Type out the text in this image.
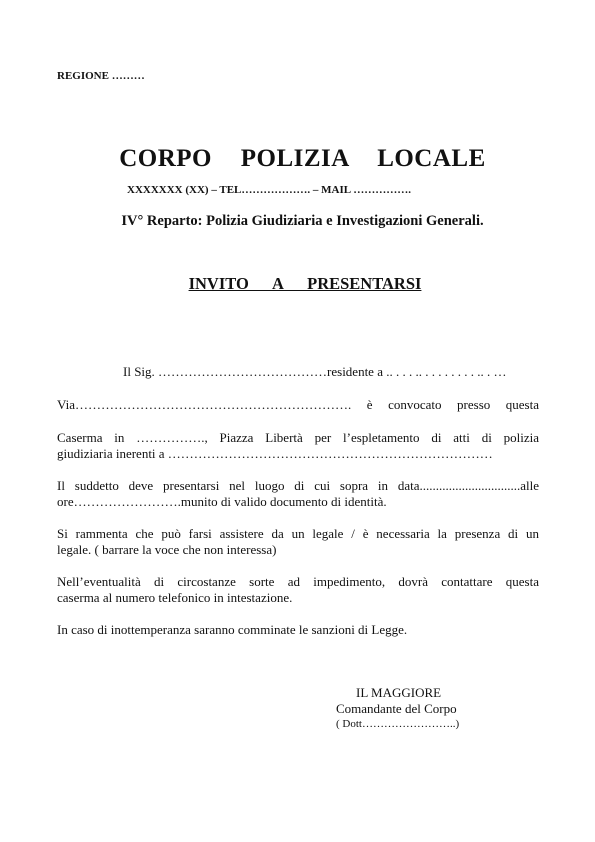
REGIONE ………
CORPO POLIZIA LOCALE
XXXXXXX (XX) – TEL………………. – MAIL …………….
IV° Reparto: Polizia Giudiziaria e Investigazioni Generali.
INVITO A PRESENTARSI
Il Sig. …………………………………residente a .. . . . .. . . . . . . . . .. . …
Via………………………………………………………. è convocato presso questa
Caserma in ……………., Piazza Libertà per l’espletamento di atti di polizia
giudiziaria inerenti a …………………………………………………………………
Il suddetto deve presentarsi nel luogo di cui sopra in data...............................alle
ore…………………….munito di valido documento di identità.
Si rammenta che può farsi assistere da un legale / è necessaria la presenza di un
legale. ( barrare la voce che non interessa)
Nell’eventualità di circostanze sorte ad impedimento, dovrà contattare questa
caserma al numero telefonico in intestazione.
In caso di inottemperanza saranno comminate le sanzioni di Legge.
IL MAGGIORE
Comandante del Corpo
( Dott……………………..)
